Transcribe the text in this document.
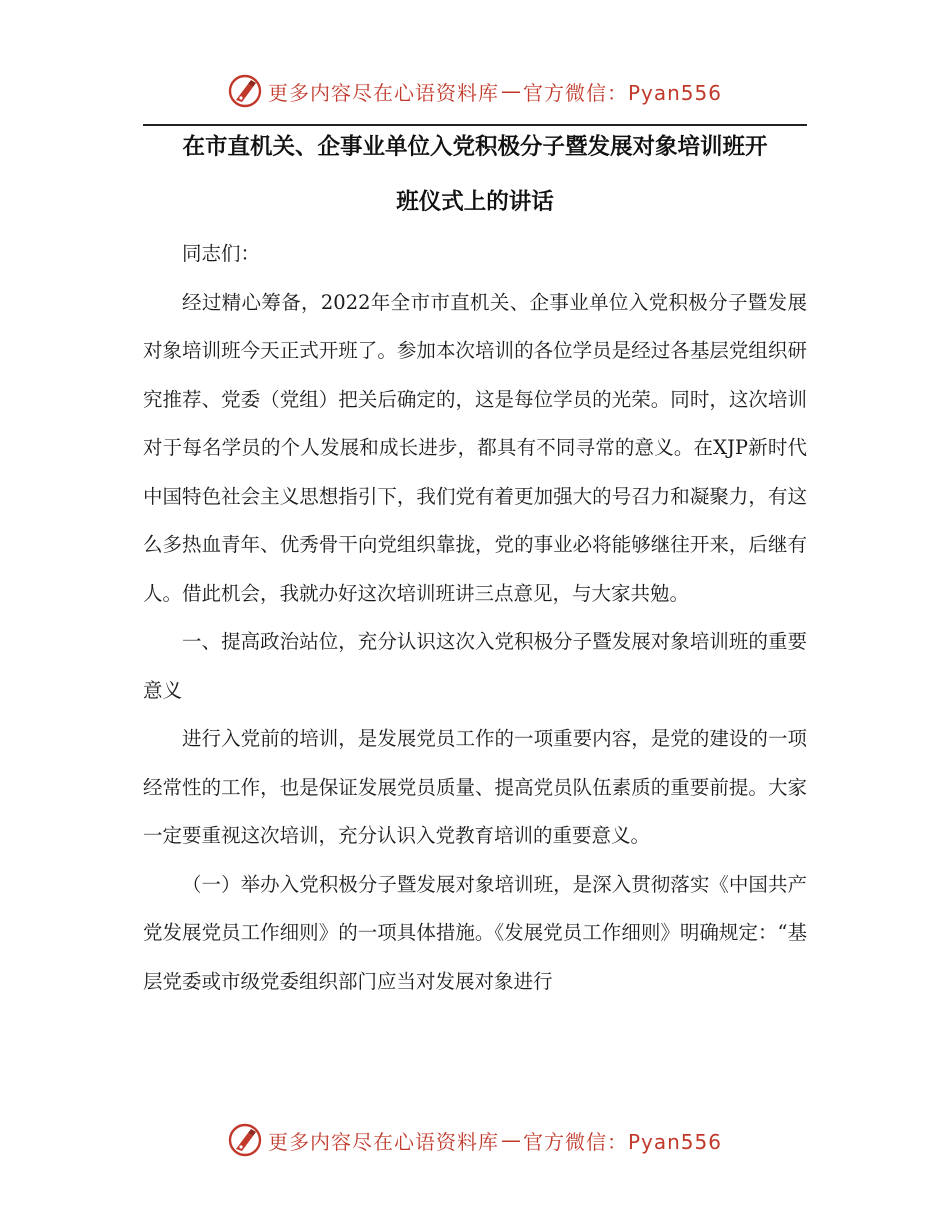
更多内容尽在心语资料库 — 官方微信：Pyan556
在市直机关、企事业单位入党积极分子暨发展对象培训班开
班仪式上的讲话

同志们：

经过精心筹备，2022年全市市直机关、企事业单位入党积极分子暨发展对象培训班今天正式开班了。参加本次培训的各位学员是经过各基层党组织研究推荐、党委（党组）把关后确定的，这是每位学员的光荣。同时，这次培训对于每名学员的个人发展和成长进步，都具有不同寻常的意义。在XJP新时代中国特色社会主义思想指引下，我们党有着更加强大的号召力和凝聚力，有这么多热血青年、优秀骨干向党组织靠拢，党的事业必将能够继往开来，后继有人。借此机会，我就办好这次培训班讲三点意见，与大家共勉。

一、提高政治站位，充分认识这次入党积极分子暨发展对象培训班的重要意义

进行入党前的培训，是发展党员工作的一项重要内容，是党的建设的一项经常性的工作，也是保证发展党员质量、提高党员队伍素质的重要前提。大家一定要重视这次培训，充分认识入党教育培训的重要意义。

（一）举办入党积极分子暨发展对象培训班，是深入贯彻落实《中国共产党发展党员工作细则》的一项具体措施。《发展党员工作细则》明确规定：“基层党委或市级党委组织部门应当对发展对象进行

更多内容尽在心语资料库 — 官方微信：Pyan556
